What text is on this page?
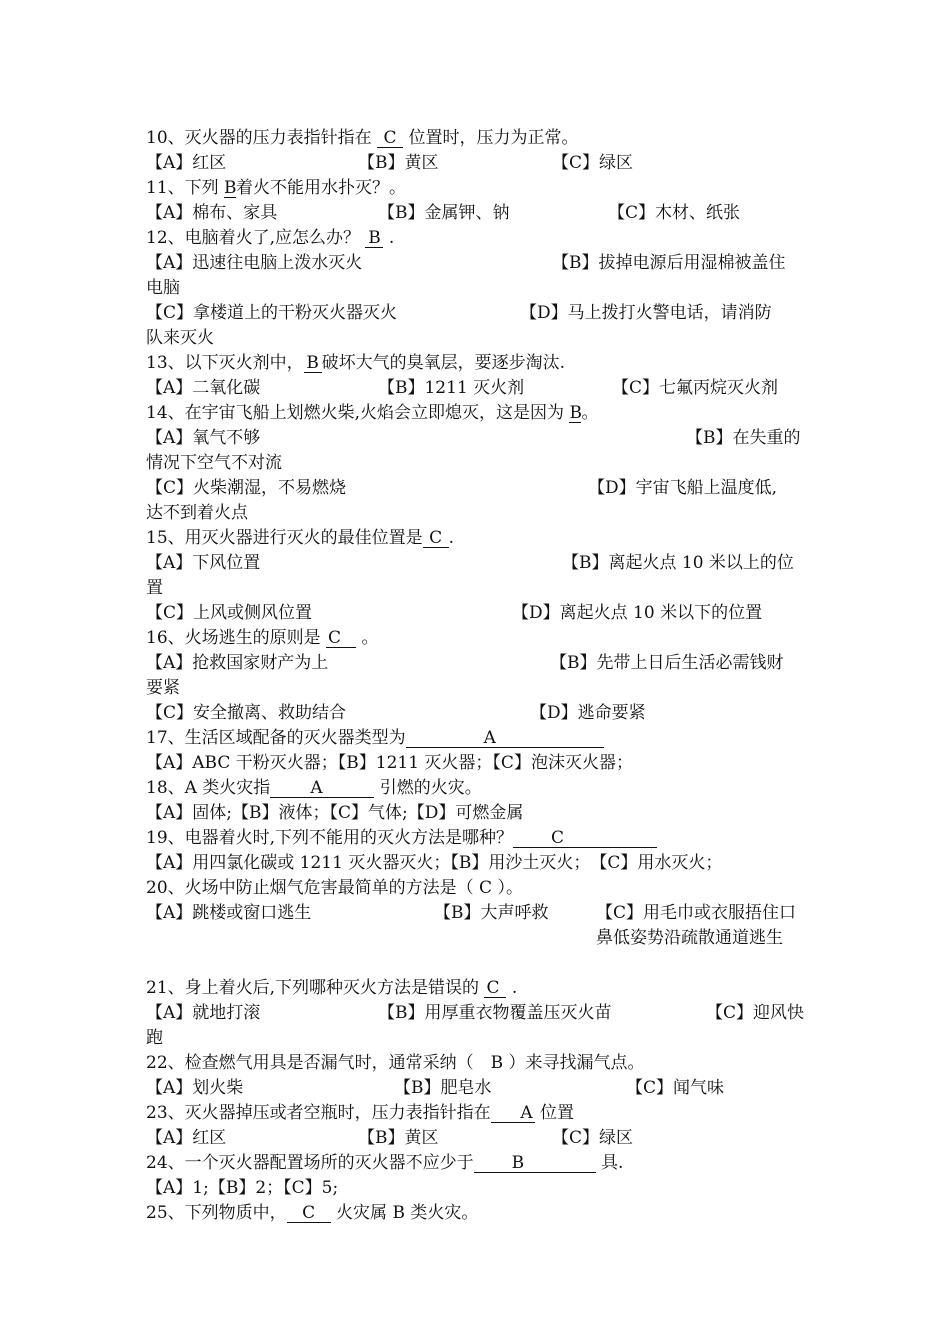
10、灭火器的压力表指针指在 C 位置时，压力为正常。
【A】红区	【B】黄区	【C】绿区
11、下列 B着火不能用水扑灭？。
【A】棉布、家具	【B】金属钾、钠	【C】木材、纸张
12、电脑着火了,应怎么办？ B .
【A】迅速往电脑上泼水灭火	【B】拔掉电源后用湿棉被盖住
电脑
【C】拿楼道上的干粉灭火器灭火	【D】马上拨打火警电话，请消防
队来灭火
13、以下灭火剂中， B 破坏大气的臭氧层，要逐步淘汰.
【A】二氧化碳	【B】1211 灭火剂	【C】七氟丙烷灭火剂
14、在宇宙飞船上划燃火柴,火焰会立即熄灭，这是因为 B。
【A】氧气不够	【B】在失重的
情况下空气不对流
【C】火柴潮湿，不易燃烧	【D】宇宙飞船上温度低,
达不到着火点
15、用灭火器进行灭火的最佳位置是 C .
【A】下风位置	【B】离起火点 10 米以上的位
置
【C】上风或侧风位置	【D】离起火点 10 米以下的位置
16、火场逃生的原则是 C 。
【A】抢救国家财产为上	【B】先带上日后生活必需钱财
要紧
【C】安全撤离、救助结合	【D】逃命要紧
17、生活区域配备的灭火器类型为	A
【A】ABC 干粉灭火器；【B】1211 灭火器；【C】泡沫灭火器；
18、A 类火灾指 A	引燃的火灾。
【A】固体;【B】液体；【C】气体;【D】可燃金属
19、电器着火时,下列不能用的灭火方法是哪种？ C
【A】用四氯化碳或 1211 灭火器灭火；【B】用沙土灭火；　【C】用水灭火；
20、火场中防止烟气危害最简单的方法是（ C ）。
【A】跳楼或窗口逃生	【B】大声呼救	【C】用毛巾或衣服捂住口鼻低姿势沿疏散通道逃生
21、身上着火后,下列哪种灭火方法是错误的 C .
【A】就地打滚	【B】用厚重衣物覆盖压灭火苗	【C】迎风快
跑
22、检查燃气用具是否漏气时，通常采纳（　B ）来寻找漏气点。
【A】划火柴	【B】肥皂水	【C】闻气味
23、灭火器掉压或者空瓶时，压力表指针指在 A 位置
【A】红区	【B】黄区	【C】绿区
24、一个灭火器配置场所的灭火器不应少于 B	具.
【A】1;【B】2；【C】5;
25、下列物质中， C 火灾属 B 类火灾。
